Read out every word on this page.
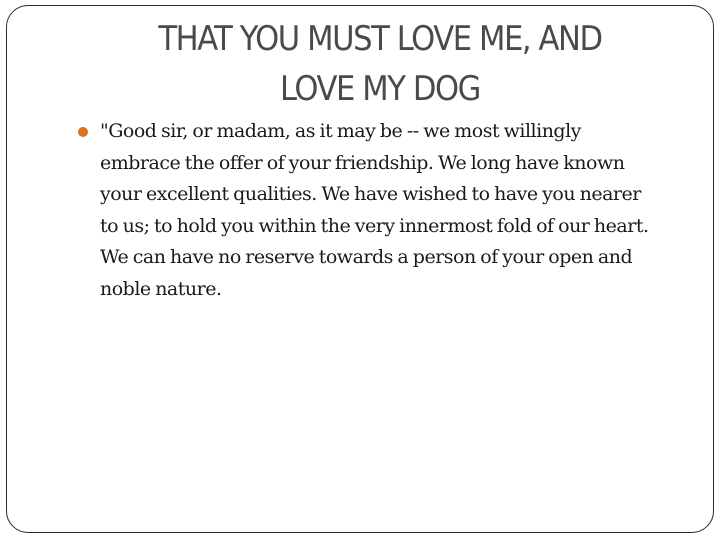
THAT YOU MUST LOVE ME, AND
LOVE MY DOG

"Good sir, or madam, as it may be -- we most willingly
embrace the offer of your friendship. We long have known
your excellent qualities. We have wished to have you nearer
to us; to hold you within the very innermost fold of our heart.
We can have no reserve towards a person of your open and
noble nature.
